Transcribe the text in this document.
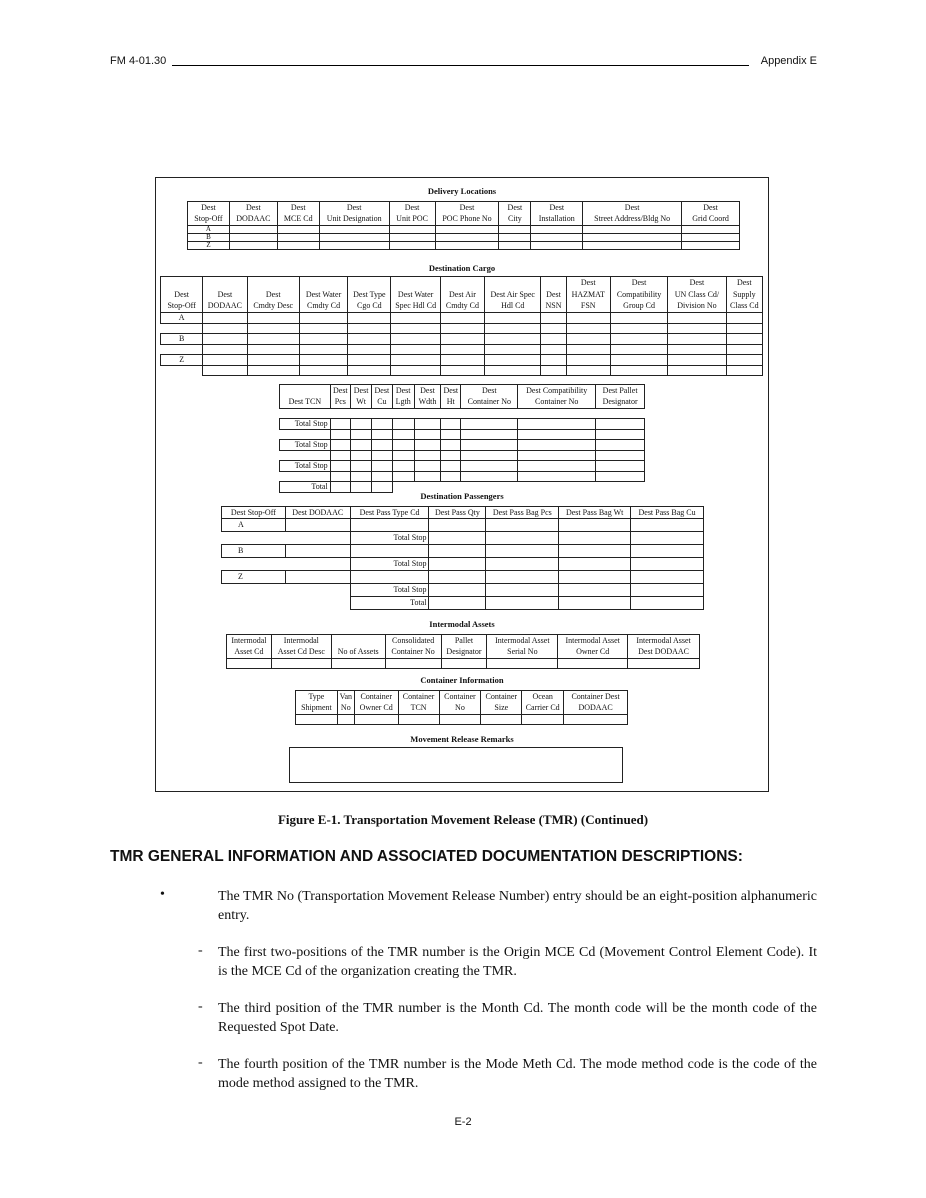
FM 4-01.30	Appendix E
Delivery Locations
Dest	Dest	Dest	Dest	Dest	Dest	Dest	Dest	Dest	Dest
Stop-Off	DODAAC	MCE Cd	Unit Designation	Unit POC	POC Phone No	City	Installation	Street Address/Bldg No	Grid Coord
A									
B									
Z									
Destination Cargo
									Dest	Dest	Dest	Dest
Dest	Dest	Dest	Dest Water	Dest Type	Dest Water	Dest Air	Dest Air Spec	Dest	HAZMAT	Compatibility	UN Class Cd/	Supply
Stop-Off	DODAAC	Cmdty Desc	Cmdty Cd	Cgo Cd	Spec Hdl Cd	Cmdty Cd	Hdl Cd	NSN	FSN	Group Cd	Division No	Class Cd
A												

B												

Z												

	Dest	Dest	Dest	Dest	Dest	Dest	Dest	Dest Compatibility	Dest Pallet
Dest TCN	Pcs	Wt	Cu	Lgth	Wdth	Ht	Container No	Container No	Designator

Total Stop									

Total Stop									

Total Stop									

Total									
Destination Passengers
Dest Stop-Off	Dest DODAAC	Dest Pass Type Cd	Dest Pass Qty	Dest Pass Bag Pcs	Dest Pass Bag Wt	Dest Pass Bag Cu
A						
		Total Stop				
B						
		Total Stop				
Z						
		Total Stop				
		Total				
Intermodal Assets
Intermodal	Intermodal		Consolidated	Pallet	Intermodal Asset	Intermodal Asset	Intermodal Asset
Asset Cd	Asset Cd Desc	No of Assets	Container No	Designator	Serial No	Owner Cd	Dest DODAAC

Container Information
Type	Van	Container	Container	Container	Container	Ocean	Container Dest
Shipment	No	Owner Cd	TCN	No	Size	Carrier Cd	DODAAC

Movement Release Remarks
Figure E-1. Transportation Movement Release (TMR) (Continued)
TMR GENERAL INFORMATION AND ASSOCIATED DOCUMENTATION DESCRIPTIONS:
•	The TMR No (Transportation Movement Release Number) entry should be an eight-position alphanumeric entry.
- The first two-positions of the TMR number is the Origin MCE Cd (Movement Control Element Code). It is the MCE Cd of the organization creating the TMR.
- The third position of the TMR number is the Month Cd. The month code will be the month code of the Requested Spot Date.
- The fourth position of the TMR number is the Mode Meth Cd. The mode method code is the code of the mode method assigned to the TMR.
E-2
